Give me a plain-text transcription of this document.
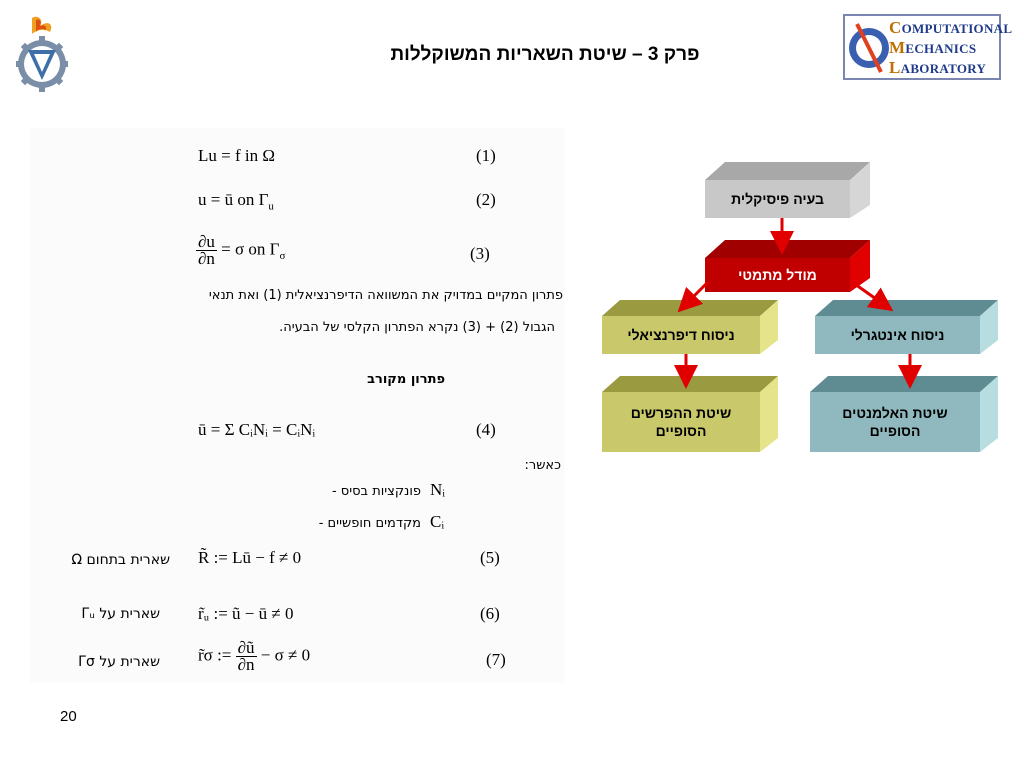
פרק 3 – שיטת השאריות המשוקללות
COMPUTATIONAL
MECHANICS
LABORATORY
Lu = f in Ω	(1)
u = ū on $\Gamma_u$	(2)
$\frac{\partial u}{\partial n} = \sigma$ on $\Gamma_\sigma$	(3)
פתרון המקיים במדויק את המשוואה הדיפרנציאלית (1) ואת תנאי
הגבול (2) + (3) נקרא הפתרון הקלסי של הבעיה.
פתרון מקורב
ū = Σ CᵢNᵢ = CᵢNᵢ	(4)
כאשר:
פונקציות בסיס -	Nᵢ
מקדמים חופשיים -	Cᵢ
שארית בתחום Ω R̃ := Lū − f ≠ 0	(5)
שארית על Γᵤ	r̃ᵤ := ũ − ū ≠ 0	(6)
שארית על Γσ	r̃σ := $\frac{\partial ũ}{\partial n} - \sigma \ne 0$	(7)
בעיה פיסיקלית
מודל מתמטי
ניסוח דיפרנציאלי	ניסוח אינטגרלי
שיטת ההפרשים הסופיים
שיטת האלמנטים הסופיים
20
